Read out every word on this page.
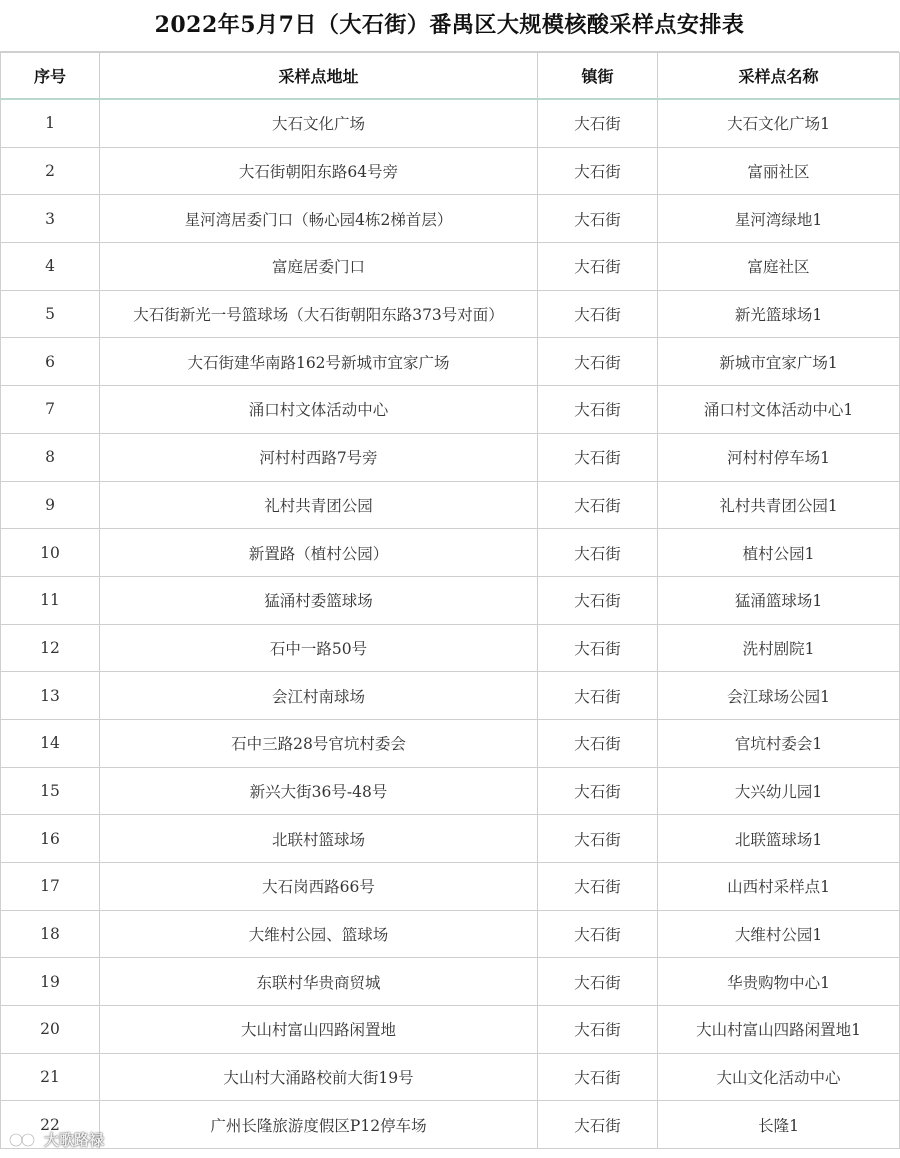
2022年5月7日（大石街）番禺区大规模核酸采样点安排表
序号	采样点地址	镇街	采样点名称
1	大石文化广场	大石街	大石文化广场1
2	大石街朝阳东路64号旁	大石街	富丽社区
3	星河湾居委门口（畅心园4栋2梯首层）	大石街	星河湾绿地1
4	富庭居委门口	大石街	富庭社区
5	大石街新光一号篮球场（大石街朝阳东路373号对面）	大石街	新光篮球场1
6	大石街建华南路162号新城市宜家广场	大石街	新城市宜家广场1
7	涌口村文体活动中心	大石街	涌口村文体活动中心1
8	河村村西路7号旁	大石街	河村村停车场1
9	礼村共青团公园	大石街	礼村共青团公园1
10	新置路（植村公园）	大石街	植村公园1
11	猛涌村委篮球场	大石街	猛涌篮球场1
12	石中一路50号	大石街	洗村剧院1
13	会江村南球场	大石街	会江球场公园1
14	石中三路28号官坑村委会	大石街	官坑村委会1
15	新兴大街36号-48号	大石街	大兴幼儿园1
16	北联村篮球场	大石街	北联篮球场1
17	大石岗西路66号	大石街	山西村采样点1
18	大维村公园、篮球场	大石街	大维村公园1
19	东联村华贵商贸城	大石街	华贵购物中心1
20	大山村富山四路闲置地	大石街	大山村富山四路闲置地1
21	大山村大涌路校前大街19号	大石街	大山文化活动中心
22	广州长隆旅游度假区P12停车场	大石街	长隆1
大歌路禄
